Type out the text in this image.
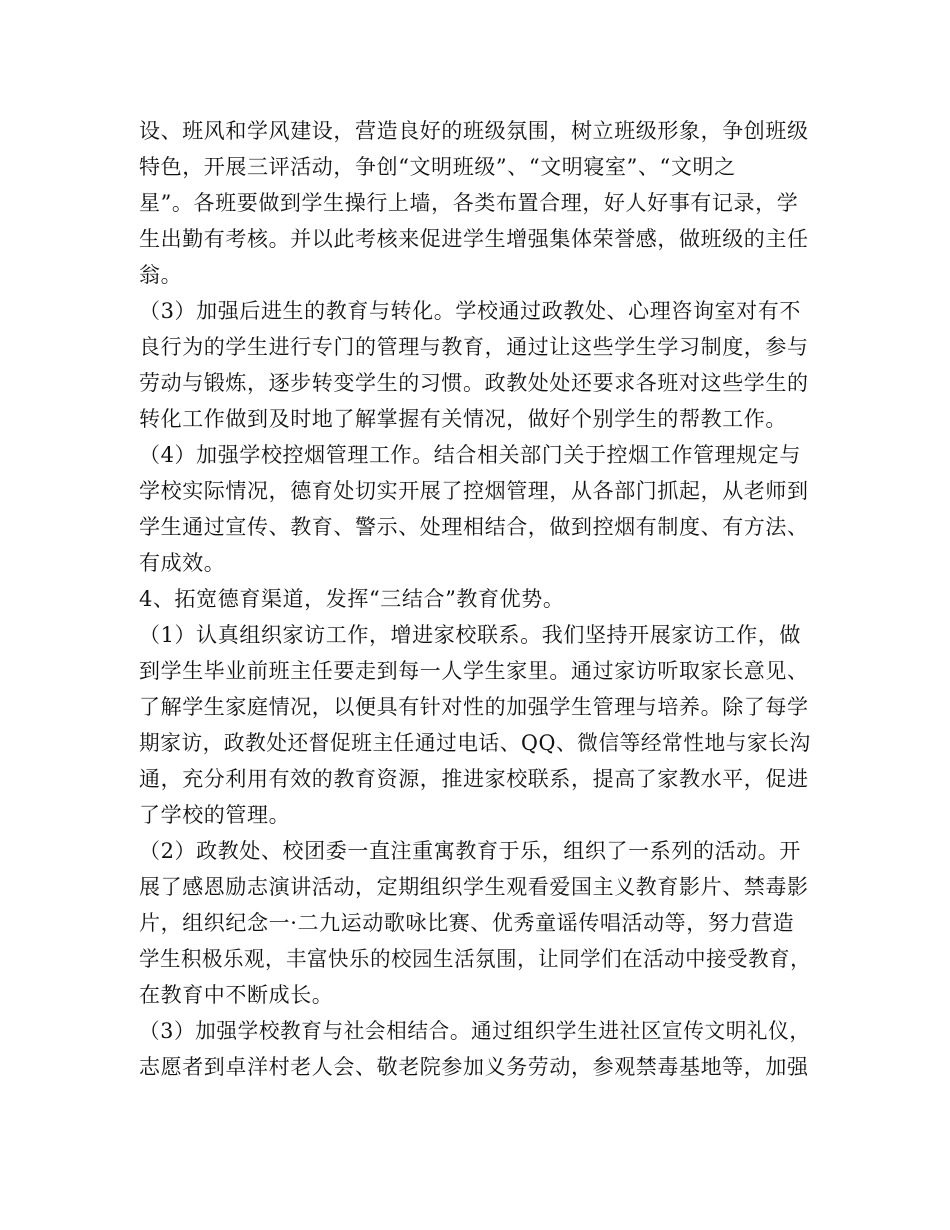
设、班风和学风建设，营造良好的班级氛围，树立班级形象，争创班级
特色，开展三评活动，争创“文明班级”、“文明寝室”、“文明之
星”。各班要做到学生操行上墙，各类布置合理，好人好事有记录，学
生出勤有考核。并以此考核来促进学生增强集体荣誉感，做班级的主任
翁。
（3）加强后进生的教育与转化。学校通过政教处、心理咨询室对有不
良行为的学生进行专门的管理与教育，通过让这些学生学习制度，参与
劳动与锻炼，逐步转变学生的习惯。政教处处还要求各班对这些学生的
转化工作做到及时地了解掌握有关情况，做好个别学生的帮教工作。
（4）加强学校控烟管理工作。结合相关部门关于控烟工作管理规定与
学校实际情况，德育处切实开展了控烟管理，从各部门抓起，从老师到
学生通过宣传、教育、警示、处理相结合，做到控烟有制度、有方法、
有成效。
4、拓宽德育渠道，发挥“三结合”教育优势。
（1）认真组织家访工作，增进家校联系。我们坚持开展家访工作，做
到学生毕业前班主任要走到每一人学生家里。通过家访听取家长意见、
了解学生家庭情况，以便具有针对性的加强学生管理与培养。除了每学
期家访，政教处还督促班主任通过电话、QQ、微信等经常性地与家长沟
通，充分利用有效的教育资源，推进家校联系，提高了家教水平，促进
了学校的管理。
（2）政教处、校团委一直注重寓教育于乐，组织了一系列的活动。开
展了感恩励志演讲活动，定期组织学生观看爱国主义教育影片、禁毒影
片，组织纪念一·二九运动歌咏比赛、优秀童谣传唱活动等，努力营造
学生积极乐观，丰富快乐的校园生活氛围，让同学们在活动中接受教育，
在教育中不断成长。
（3）加强学校教育与社会相结合。通过组织学生进社区宣传文明礼仪，
志愿者到卓洋村老人会、敬老院参加义务劳动，参观禁毒基地等，加强
